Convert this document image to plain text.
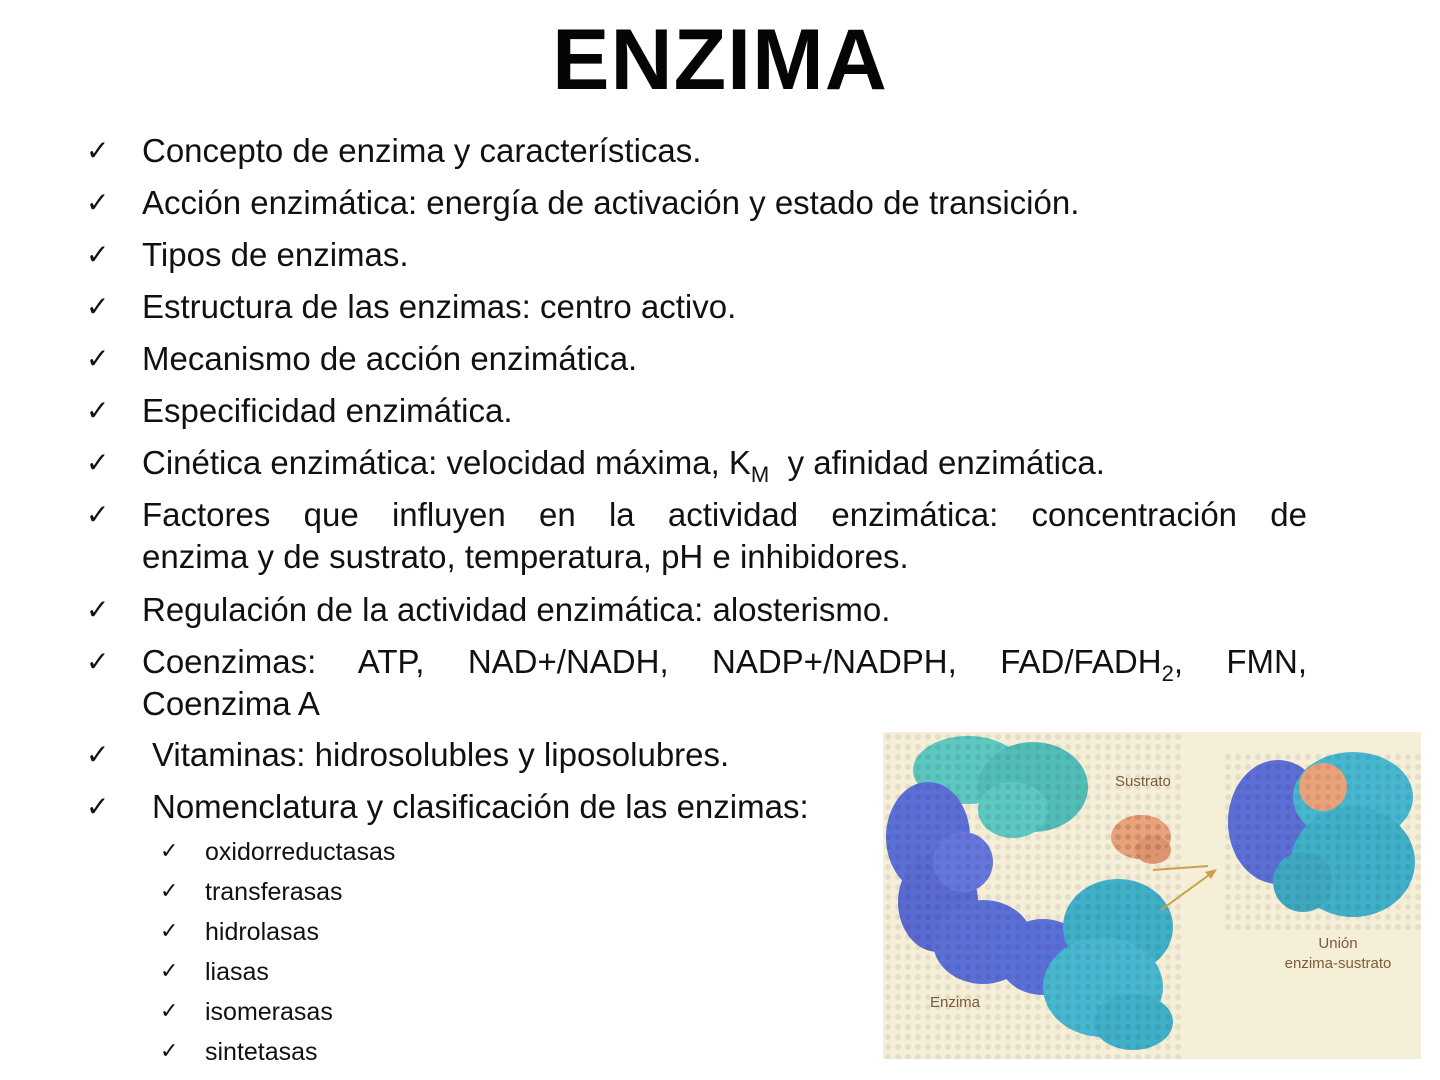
ENZIMA
✓ Concepto de enzima y características.
✓ Acción enzimática: energía de activación y estado de transición.
✓ Tipos de enzimas.
✓ Estructura de las enzimas: centro activo.
✓ Mecanismo de acción enzimática.
✓ Especificidad enzimática.
✓ Cinética enzimática: velocidad máxima, $K_M$  y afinidad enzimática.
✓ Factores que influyen en la actividad enzimática: concentración de
enzima y de sustrato, temperatura, pH e inhibidores.
✓ Regulación de la actividad enzimática: alosterismo.
✓ Coenzimas: ATP, NAD+/NADH, NADP+/NADPH, FAD/$FADH_2$, FMN,
Coenzima A
✓	Vitaminas: hidrosolubles y liposolubres.
✓	Nomenclatura y clasificación de las enzimas:
✓	oxidorreductasas
✓	transferasas
✓	hidrolasas
✓	liasas
✓	isomerasas
✓	sintetasas
Sustrato
Unión
enzima-sustrato
Enzima
